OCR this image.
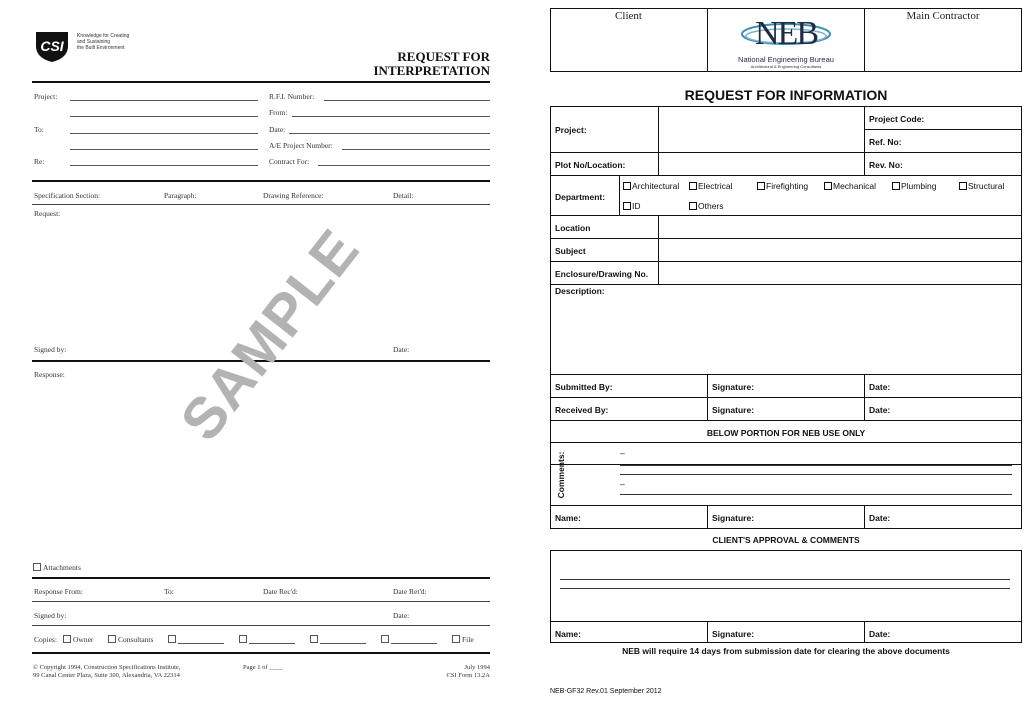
CSI
Knowledge for Creating
and Sustaining
the Built Environment
REQUEST FOR
INTERPRETATION
Project:	R.F.I. Number:
From:
To:	Date:
A/E Project Number:
Re:	Contract For:
Specification Section:	Paragraph:	Drawing Reference:	Detail:
Request:
Signed by:	Date:
Response: SAMPLE
Attachments
Response From:	To:	Date Rec'd:	Date Ret'd:
Signed by:	Date:
Copies:	Owner	Consultants	File
© Copyright 1994, Construction Specifications Institute,
99 Canal Center Plaza, Suite 300, Alexandria, VA 22314
Page 1 of ____	July 1994
CSI Form 13.2A
Client	Main Contractor
NEB
National Engineering Bureau
Architectural & Engineering Consultants
REQUEST FOR INFORMATION
Project:
Project Code:
Ref. No:
Plot No/Location:	Rev. No:
Department:
Architectural	Electrical	Firefighting	Mechanical	Plumbing	Structural
ID	Others
Location
Subject
Enclosure/Drawing No.
Description:
Submitted By:	Signature:	Date:
Received By:	Signature:	Date:
BELOW PORTION FOR NEB USE ONLY
Comments:	–
–
Name:	Signature:	Date:
CLIENT'S APPROVAL & COMMENTS
Name:	Signature:	Date:
NEB will require 14 days from submission date for clearing the above documents
NEB-GF32 Rev.01 September 2012
